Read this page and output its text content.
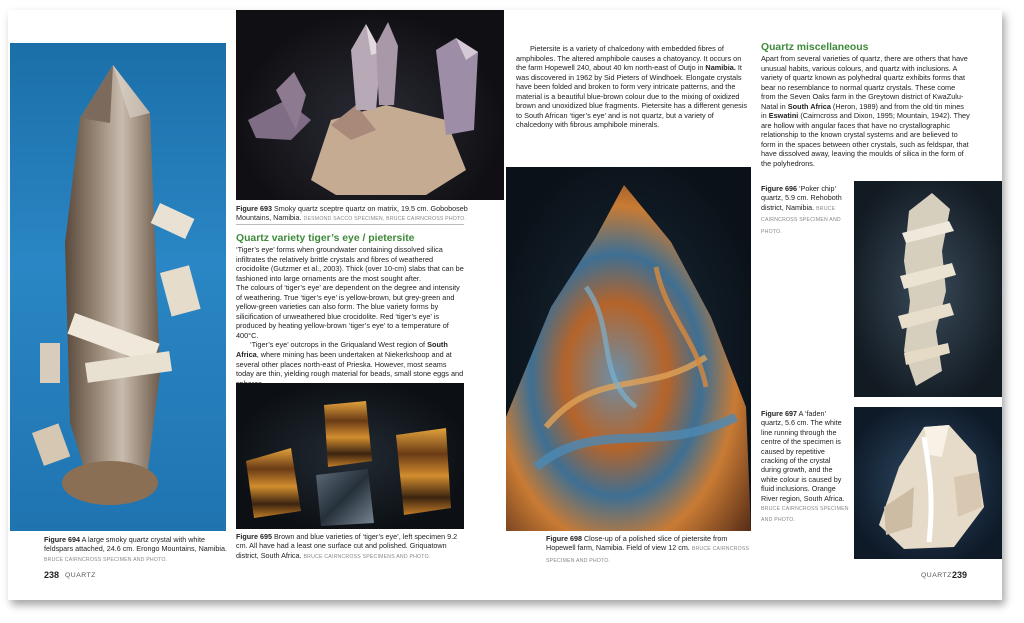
Figure 694 A large smoky quartz crystal with white feldspars attached, 24.6 cm. Erongo Mountains, Namibia. BRUCE CAIRNCROSS SPECIMEN AND PHOTO.
Figure 693 Smoky quartz sceptre quartz on matrix, 19.5 cm. Goboboseb Mountains, Namibia. DESMOND SACCO SPECIMEN, BRUCE CAIRNCROSS PHOTO.
Quartz variety tiger’s eye / pietersite

‘Tiger’s eye’ forms when groundwater containing dissolved silica infiltrates the relatively brittle crystals and fibres of weathered crocidolite (Gutzmer et al., 2003). Thick (over 10-cm) slabs that can be fashioned into large ornaments are the most sought after.

The colours of ‘tiger’s eye’ are dependent on the degree and intensity of weathering. True ‘tiger’s eye’ is yellow-brown, but grey-green and yellow-green varieties can also form. The blue variety forms by silicification of unweathered blue crocidolite. Red ‘tiger’s eye’ is produced by heating yellow-brown ‘tiger’s eye’ to a temperature of 400°C.

‘Tiger’s eye’ outcrops in the Griqualand West region of South Africa, where mining has been undertaken at Niekerkshoop and at several other places north-east of Prieska. However, most seams today are thin, yielding rough material for beads, small stone eggs and

Figure 695 Brown and blue varieties of ‘tiger’s eye’, left specimen 9.2 cm. All have had a least one surface cut and polished. Griquatown district, South Africa. BRUCE CAIRNCROSS SPECIMENS AND PHOTO.
238 QUARTZ

Pietersite is a variety of chalcedony with embedded fibres of amphiboles. The altered amphibole causes a chatoyancy. It occurs on the farm Hopewell 240, about 40 km north-east of Outjo in Namibia. It was discovered in 1962 by Sid Pieters of Windhoek. Elongate crystals have been folded and broken to form very intricate patterns, and the material is a beautiful blue-brown colour due to the mixing of oxidized brown and unoxidized blue fragments. Pietersite has a different genesis to South African ‘tiger’s eye’ and is not quartz, but a variety of chalcedony with fibrous amphibole minerals.

Quartz miscellaneous

Apart from several varieties of quartz, there are others that have unusual habits, various colours, and quartz with inclusions. A variety of quartz known as polyhedral quartz exhibits forms that bear no resemblance to normal quartz crystals. These come from the Seven Oaks farm in the Greytown district of KwaZulu-Natal in South Africa (Heron, 1989) and from the old tin mines in Eswatini (Cairncross and Dixon, 1995; Mountain, 1942). They are hollow with angular faces that have no crystallographic relationship to the known crystal systems and are believed to form in the spaces between other crystals, such as feldspar, that have dissolved away, leaving the moulds of silica in the form of the polyhedrons.

Figure 698 Close-up of a polished slice of pietersite from Hopewell farm, Namibia. Field of view 12 cm. BRUCE CAIRNCROSS SPECIMEN AND PHOTO.
Figure 696 ‘Poker chip’ quartz, 5.9 cm. Rehoboth district, Namibia. BRUCE CAIRNCROSS SPECIMEN AND PHOTO.
Figure 697 A ‘faden’ quartz, 5.6 cm. The white line running through the centre of the specimen is caused by repetitive cracking of the crystal during growth, and the white colour is caused by fluid inclusions. Orange River region, South Africa. BRUCE CAIRNCROSS SPECIMEN AND PHOTO.
QUARTZ 239
